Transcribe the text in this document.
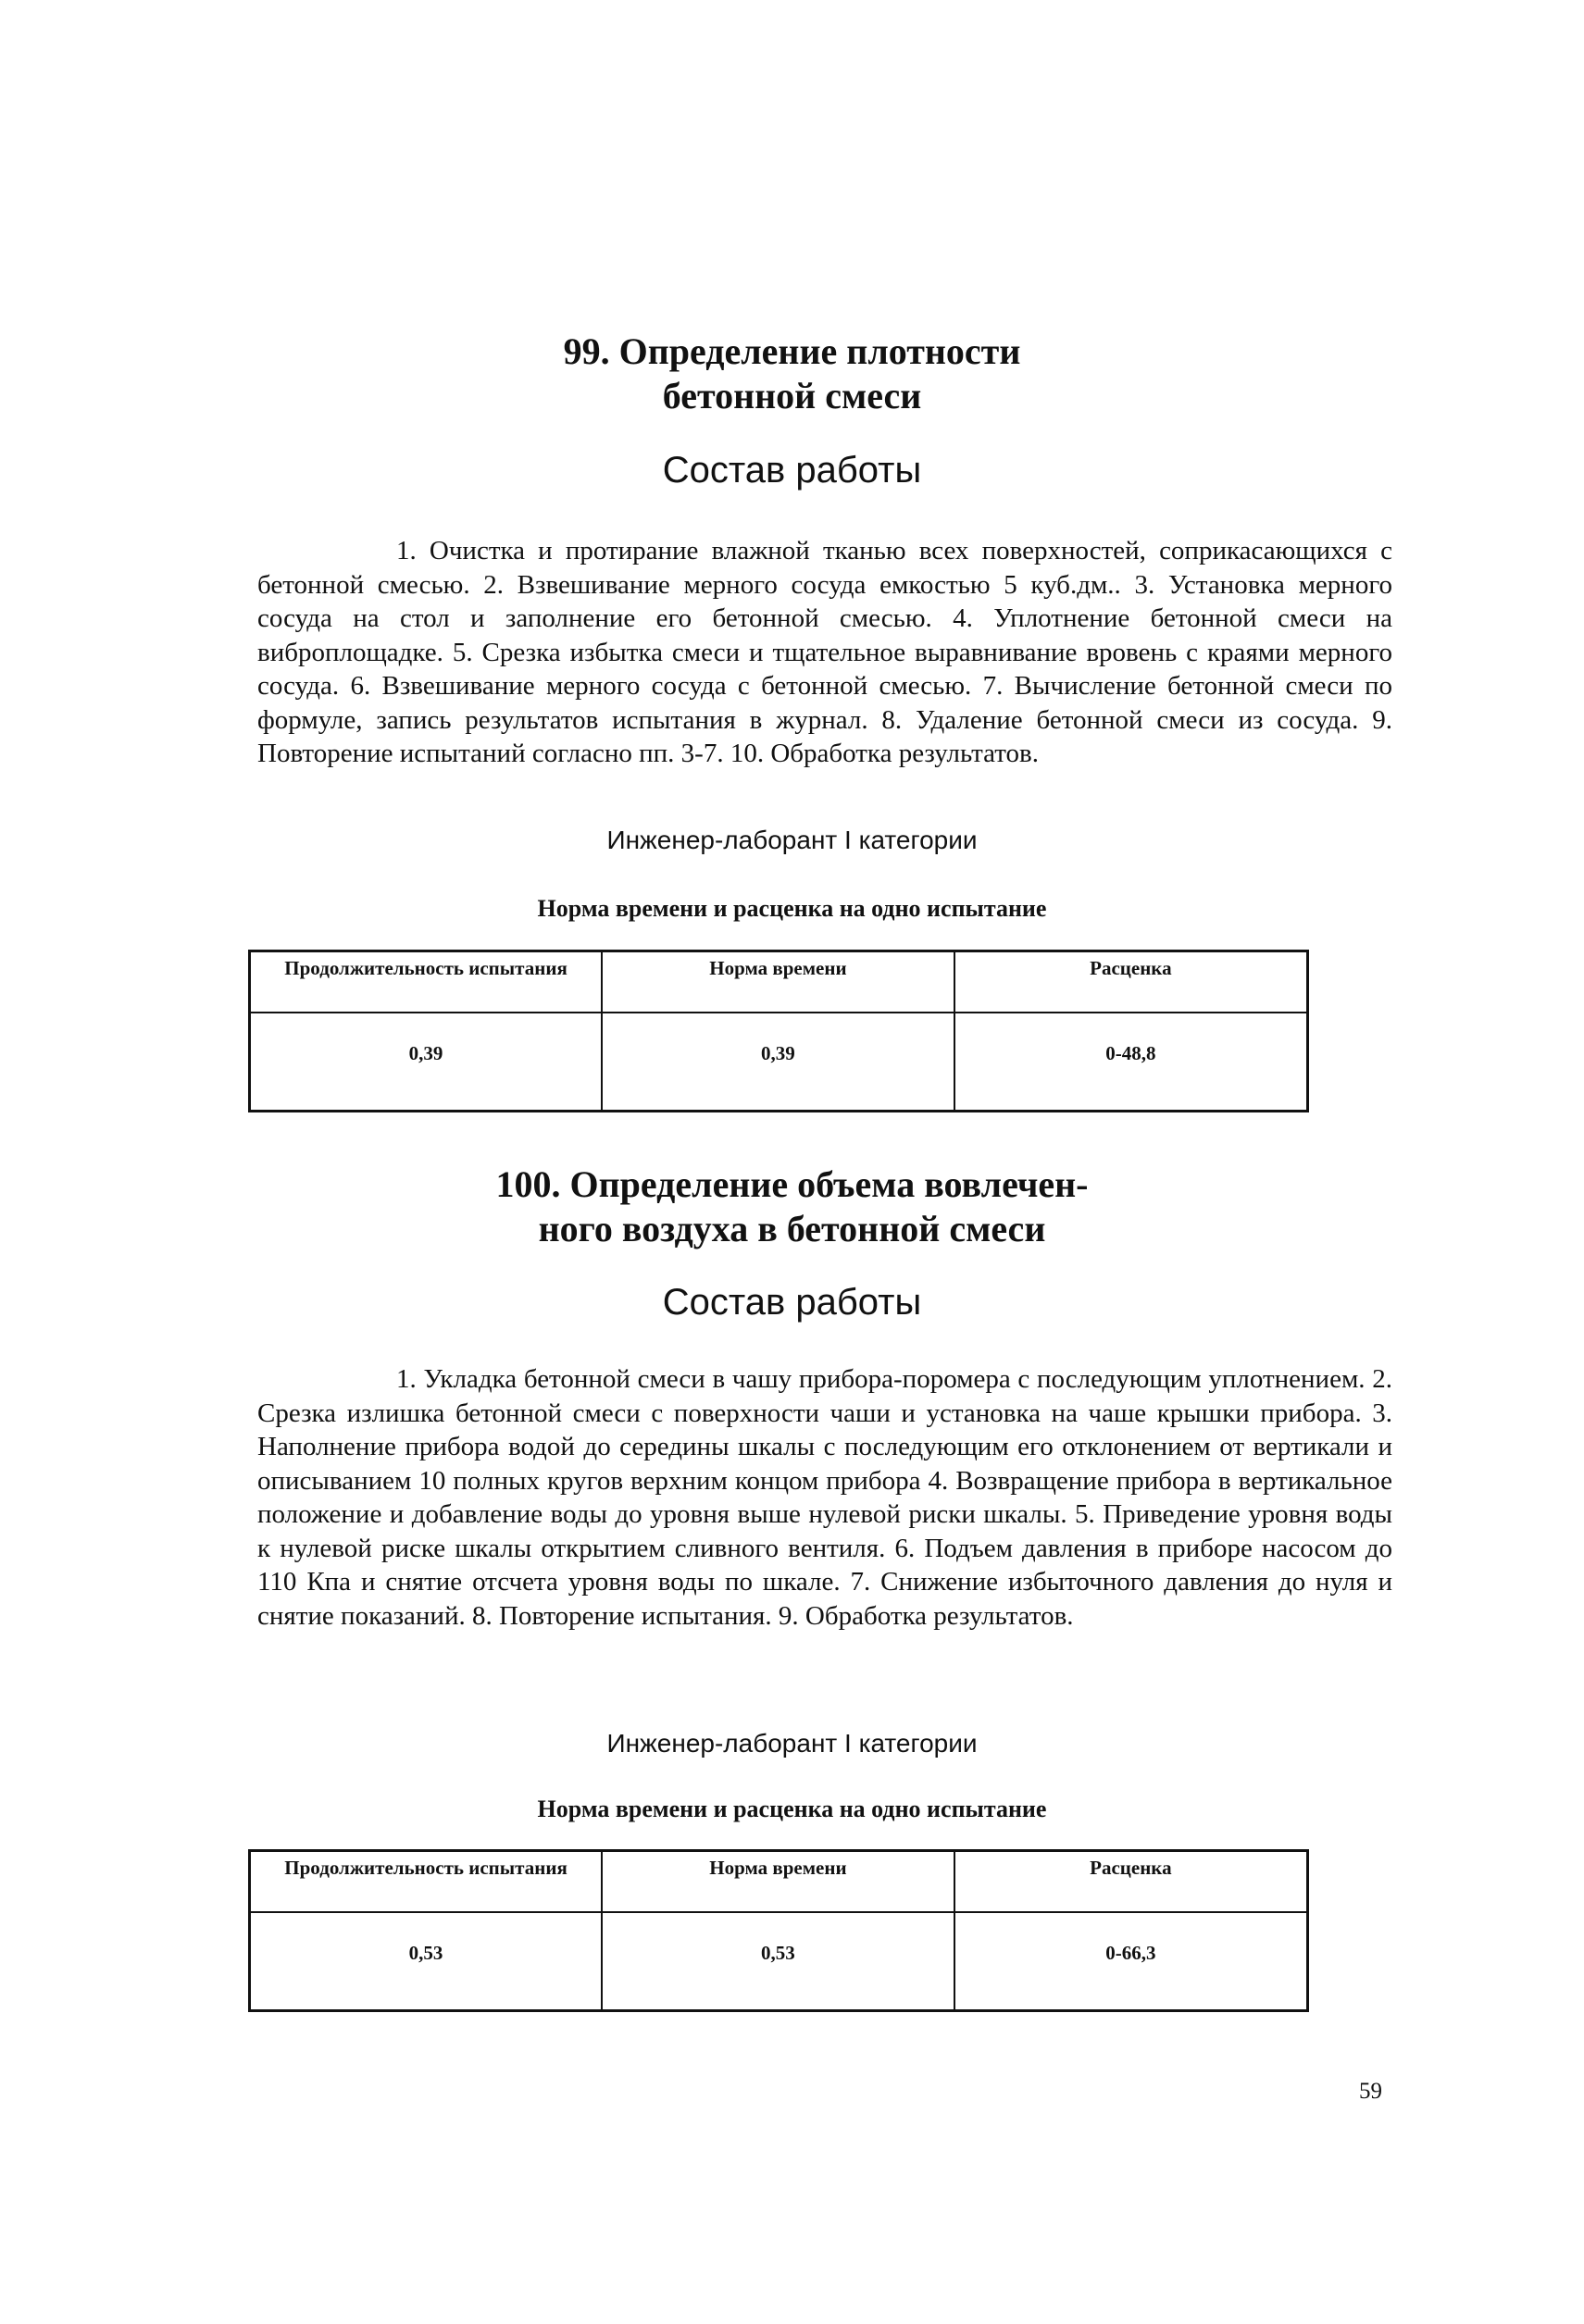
99. Определение плотности
бетонной смеси
Состав работы
1. Очистка и протирание влажной тканью всех поверхностей, соприкасающихся с бетонной смесью. 2. Взвешивание мерного сосуда емкостью 5 куб.дм.. 3. Установка мерного сосуда на стол и заполнение его бетонной смесью. 4. Уплотнение бетонной смеси на виброплощадке. 5. Срезка избытка смеси и тщательное выравнивание вровень с краями мерного сосуда. 6. Взвешивание мерного сосуда с бетонной смесью. 7. Вычисление бетонной смеси по формуле, запись результатов испытания в журнал. 8. Удаление бетонной смеси из сосуда. 9. Повторение испытаний согласно пп. 3-7. 10. Обработка результатов.
Инженер-лаборант I категории
Норма времени и расценка на одно испытание
Продолжительность испытания	Норма времени	Расценка
0,39	0,39	0-48,8
100. Определение объема вовлечен-
ного воздуха в бетонной смеси
Состав работы
1. Укладка бетонной смеси в чашу прибора-поромера с последующим уплотнением. 2. Срезка излишка бетонной смеси с поверхности чаши и установка на чаше крышки прибора. 3. Наполнение прибора водой до середины шкалы с последующим его отклонением от вертикали и описыванием 10 полных кругов верхним концом прибора 4. Возвращение прибора в вертикальное положение и добавление воды до уровня выше нулевой риски шкалы. 5. Приведение уровня воды к нулевой риске шкалы открытием сливного вентиля. 6. Подъем давления в приборе насосом до 110 Кпа и снятие отсчета уровня воды по шкале. 7. Снижение избыточного давления до нуля и снятие показаний. 8. Повторение испытания. 9. Обработка результатов.
Инженер-лаборант I категории
Норма времени и расценка на одно испытание
Продолжительность испытания	Норма времени	Расценка
0,53	0,53	0-66,3
59
